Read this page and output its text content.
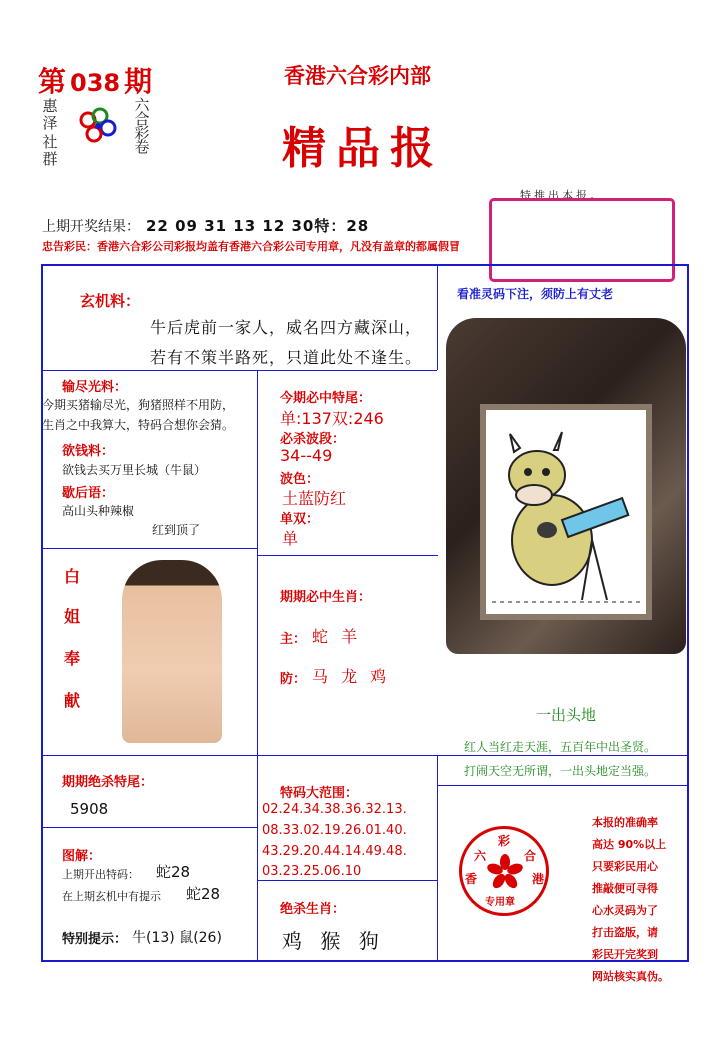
第 038 期
惠泽
社群
六合彩卷
香港六合彩内部
精品报
特推出本报。
上期开奖结果： 22 09 31 13 12 30特：28
忠告彩民：香港六合彩公司彩报均盖有香港六合彩公司专用章，凡没有盖章的都属假冒
玄机料：
牛后虎前一家人，威名四方藏深山，
若有不策半路死，只道此处不逢生。
看准灵码下注，须防上有丈老
输尽光料：
今期买猪输尽光，狗猪照样不用防，
生肖之中我算大，特码合想你会猜。
欲钱料：
欲钱去买万里长城（牛鼠）
歇后语：
高山头种辣椒
红到顶了
今期必中特尾：
单:137双:246
必杀波段：
34--49
波色：
土蓝防红
单双：
单
白
姐
奉
献
期期必中生肖：
主： 蛇 羊
防： 马 龙 鸡
一出头地
红人当红走天涯，五百年中出圣贤。
打闹天空无所谓，一出头地定当强。
期期绝杀特尾：
5908
特码大范围：
02.24.34.38.36.32.13.
08.33.02.19.26.01.40.
43.29.20.44.14.49.48.
03.23.25.06.10
图解：
上期开出特码： 蛇28
在上期玄机中有提示 蛇28
特别提示： 牛(13) 鼠(26)
绝杀生肖：
鸡 猴 狗
六
彩
合
香	港
专用章
本报的准确率
高达 90%以上
只要彩民用心
推敲便可寻得
心水灵码为了
打击盗版，请
彩民开完奖到
网站核实真伪。
